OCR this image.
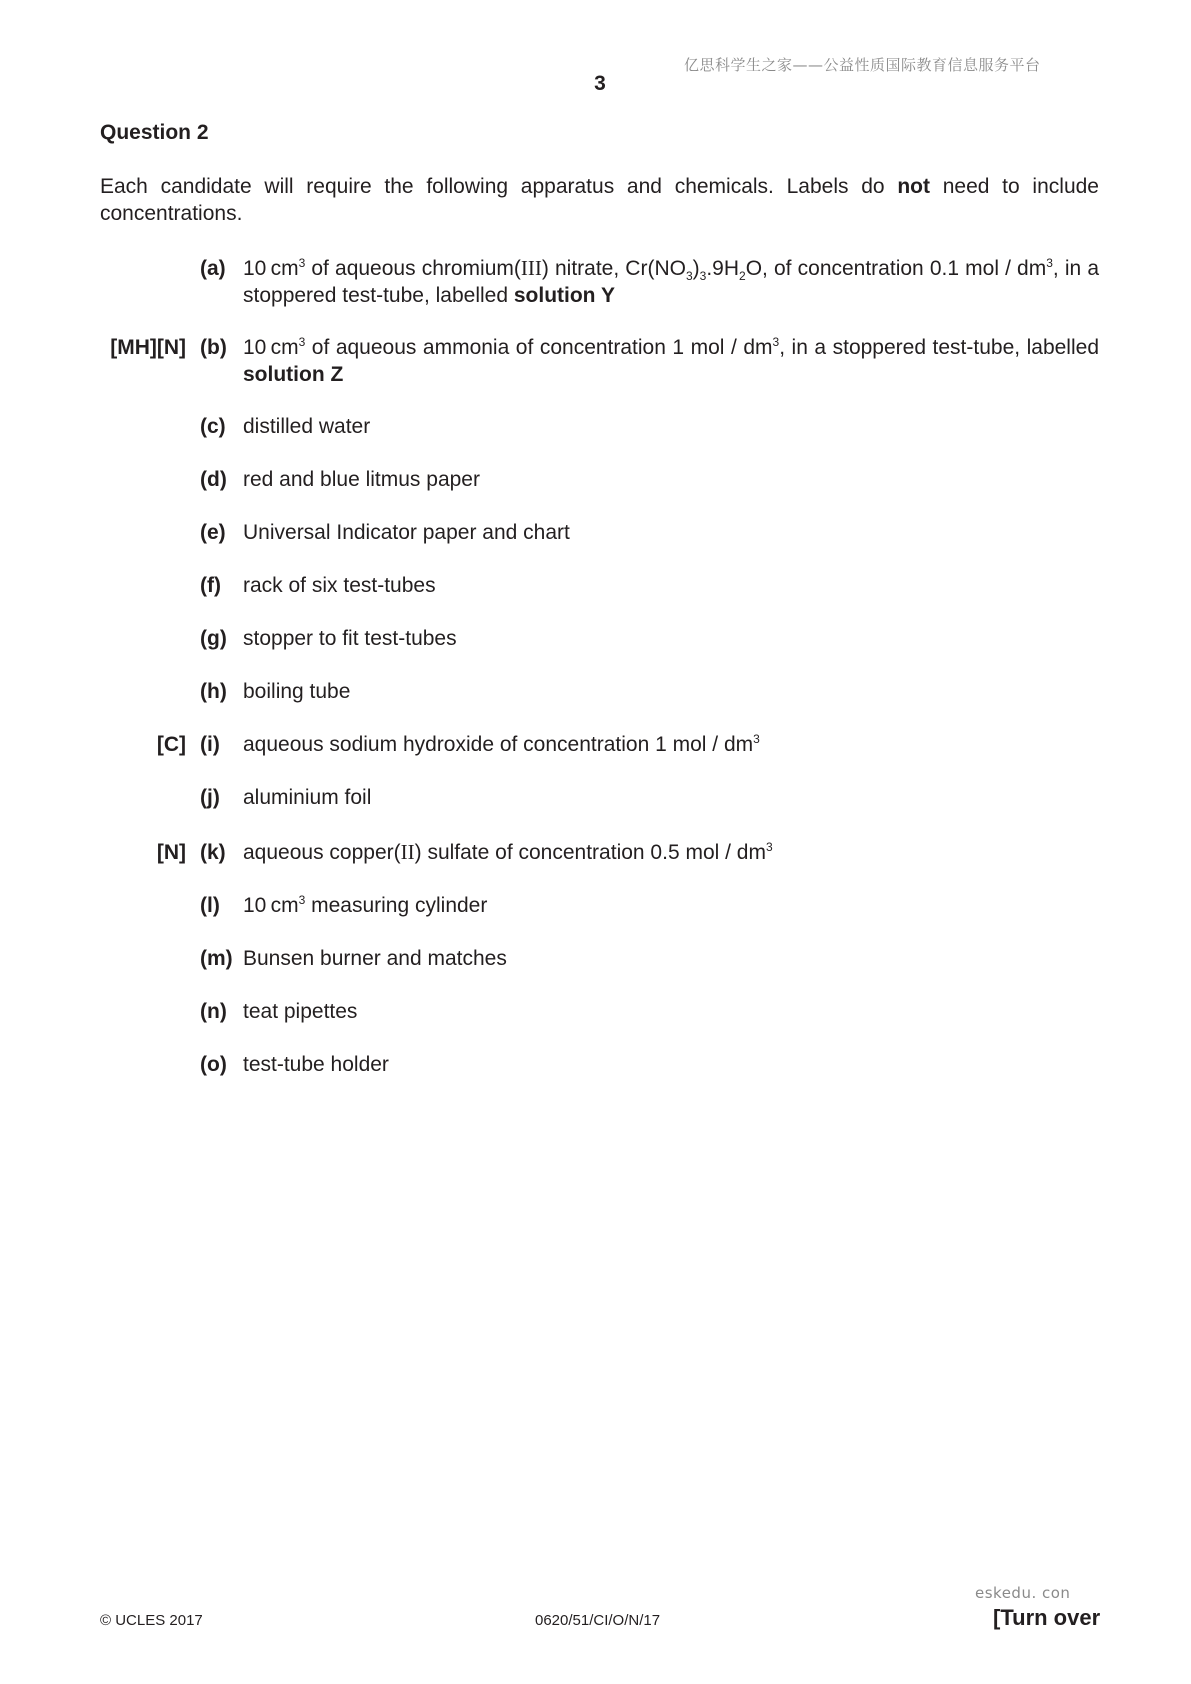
亿思科学生之家——公益性质国际教育信息服务平台
3
Question 2
Each candidate will require the following apparatus and chemicals. Labels do not need to include concentrations.
(a) 10  $cm^3$ of aqueous chromium(III) nitrate, $Cr(NO_3)_3.9H_2O$, of concentration 0.1 mol / $dm^3$, in a stoppered test-tube, labelled solution Y
[MH][N] (b) 10  $cm^3$ of aqueous ammonia of concentration 1 mol / $dm^3$, in a stoppered test-tube, labelled solution Z
(c) distilled water
(d) red and blue litmus paper
(e) Universal Indicator paper and chart
(f) rack of six test-tubes
(g) stopper to fit test-tubes
(h) boiling tube
[C] (i) aqueous sodium hydroxide of concentration 1 mol / $dm^3$
(j) aluminium foil
[N] (k) aqueous copper(II) sulfate of concentration 0.5 mol / $dm^3$
(l) 10  $cm^3$ measuring cylinder
(m) Bunsen burner and matches
(n) teat pipettes
(o) test-tube holder
eskedu. con
© UCLES 2017	0620/51/CI/O/N/17	[Turn over
